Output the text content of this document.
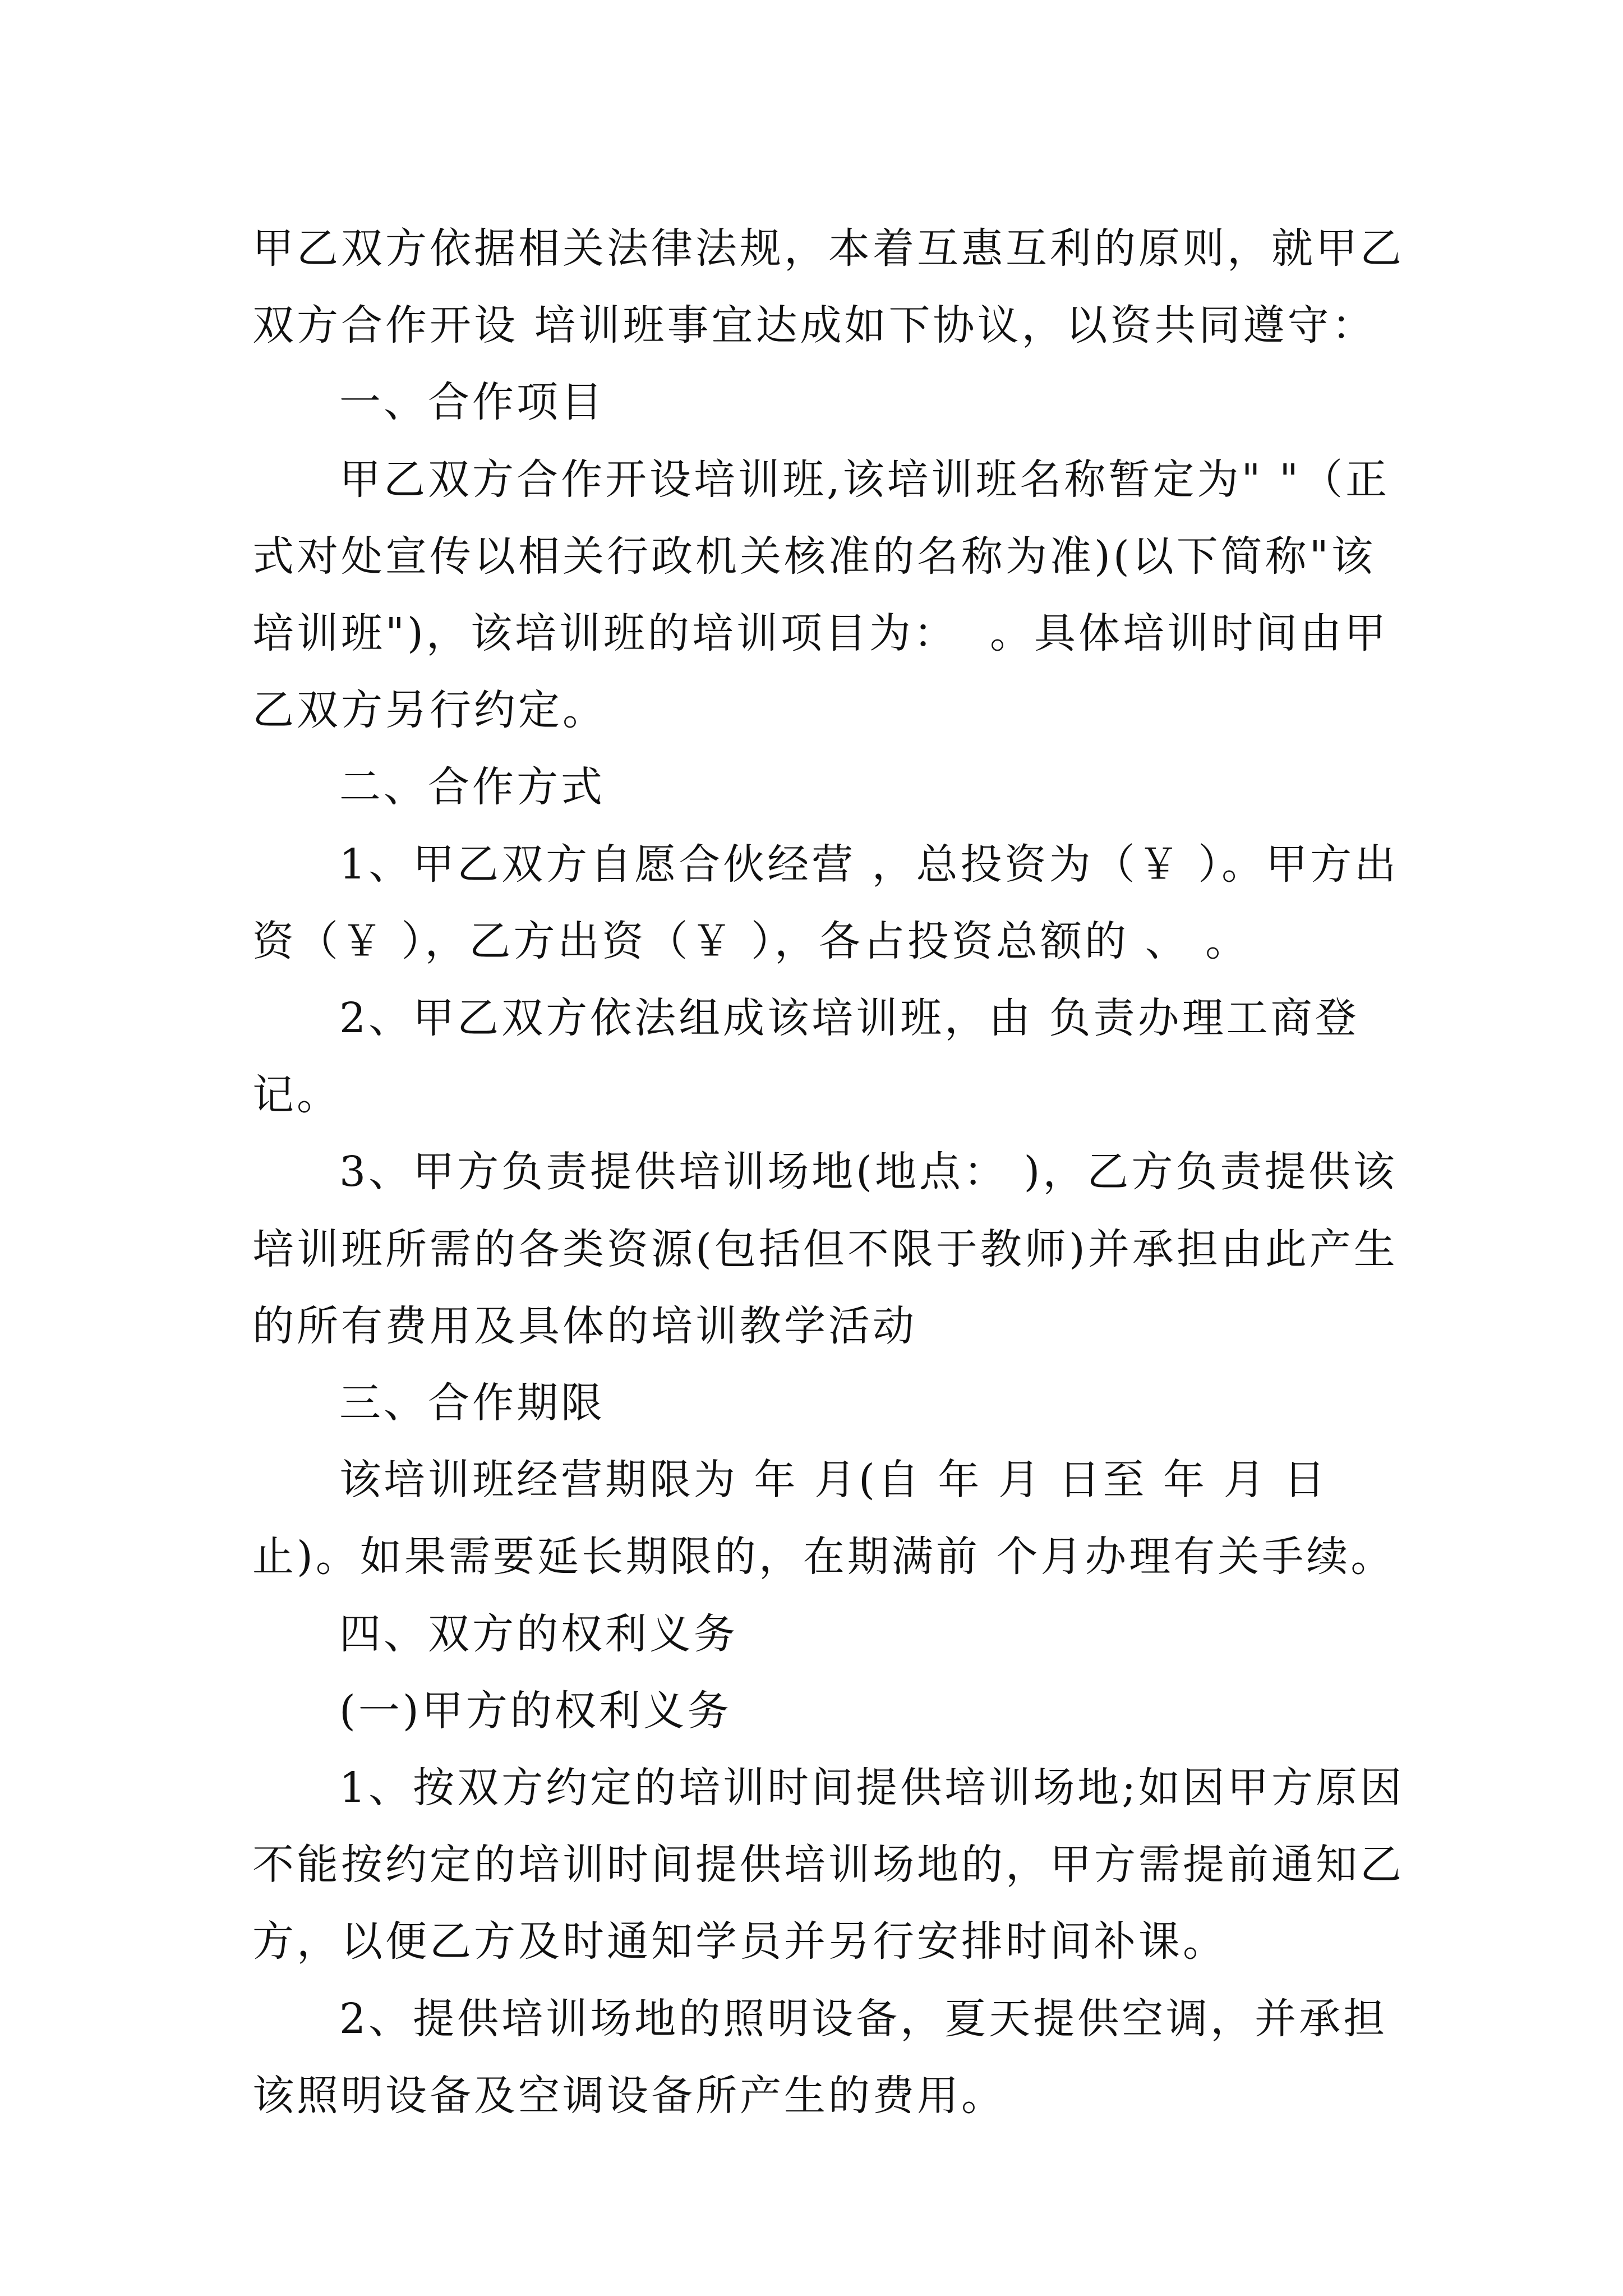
甲乙双方依据相关法律法规，本着互惠互利的原则，就甲乙双方合作开设 培训班事宜达成如下协议，以资共同遵守：

一、合作项目

甲乙双方合作开设培训班,该培训班名称暂定为" "（正式对处宣传以相关行政机关核准的名称为准)(以下简称"该培训班")，该培训班的培训项目为：  。具体培训时间由甲乙双方另行约定。

二、合作方式

1、甲乙双方自愿合伙经营 ，总投资为（￥ ）。甲方出资（￥ ），乙方出资（￥ ），各占投资总额的 、 。

2、甲乙双方依法组成该培训班，由 负责办理工商登记。

3、甲方负责提供培训场地(地点： )，乙方负责提供该培训班所需的各类资源(包括但不限于教师)并承担由此产生的所有费用及具体的培训教学活动

三、合作期限

该培训班经营期限为 年 月(自 年 月 日至 年 月 日止)。如果需要延长期限的，在期满前 个月办理有关手续。

四、双方的权利义务

(一)甲方的权利义务

1、按双方约定的培训时间提供培训场地;如因甲方原因不能按约定的培训时间提供培训场地的，甲方需提前通知乙方，以便乙方及时通知学员并另行安排时间补课。

2、提供培训场地的照明设备，夏天提供空调，并承担该照明设备及空调设备所产生的费用。
